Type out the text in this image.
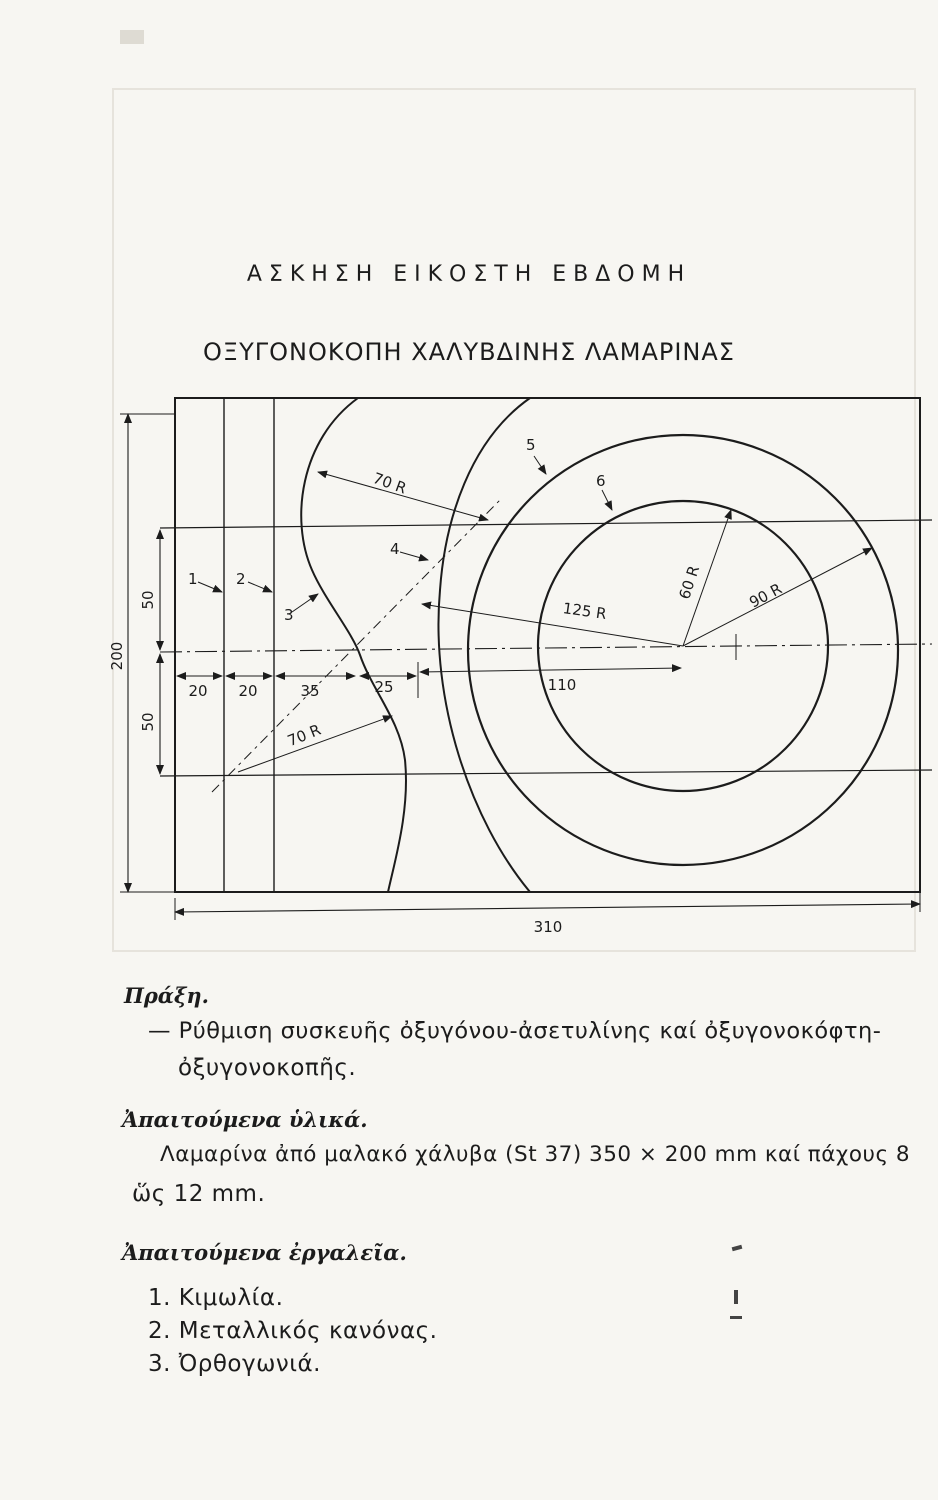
ΑΣΚΗΣΗ ΕΙΚΟΣΤΗ ΕΒΔΟΜΗ
ΟΞΥΓΟΝΟΚΟΠΗ ΧΑΛΥΒΔΙΝΗΣ ΛΑΜΑΡΙΝΑΣ
200
310
50
50
20 20	35	25	110
70 R
70 R
125 R	90 R
60 R
1	2
3
4
5
6
Πράξη.
— Ρύθμιση συσκευῆς ὀξυγόνου-ἀσετυλίνης καί ὀξυγονοκόφτη-
ὀξυγονοκοπῆς.
Ἀπαιτούμενα ὑλικά.
Λαμαρίνα ἀπό μαλακό χάλυβα (St 37) 350 × 200 mm καί πάχους 8
ὥς 12 mm.
Ἀπαιτούμενα ἐργαλεῖα.
1. Κιμωλία.
2. Μεταλλικός κανόνας.
3. Ὀρθογωνιά.
